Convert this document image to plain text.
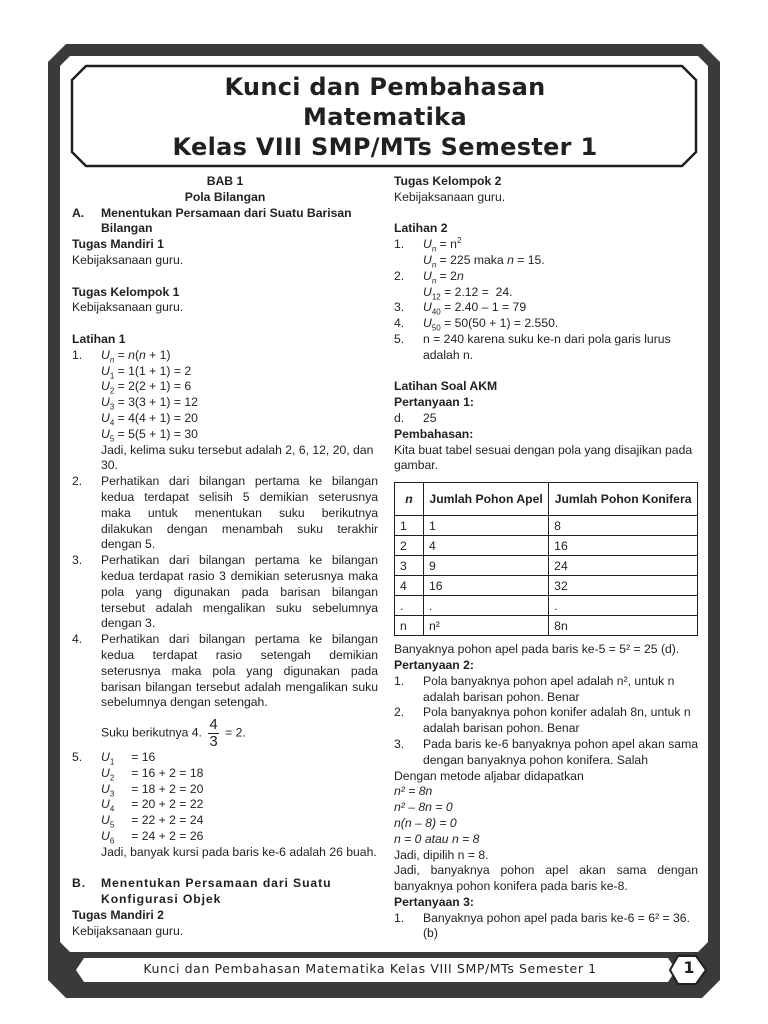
Kunci dan Pembahasan
Matematika
Kelas VIII SMP/MTs Semester 1
BAB 1
Pola Bilangan
A. Menentukan Persamaan dari Suatu Barisan Bilangan
Tugas Mandiri 1
Kebijaksanaan guru.
Tugas Kelompok 1
Kebijaksanaan guru.
Latihan 1
1. $U_n = n(n + 1)$
$U_1 = 1(1 + 1) = 2$
$U_2 = 2(2 + 1) = 6$
$U_3 = 3(3 + 1) = 12$
$U_4 = 4(4 + 1) = 20$
$U_5 = 5(5 + 1) = 30$
Jadi, kelima suku tersebut adalah 2, 6, 12, 20, dan 30.
2. Perhatikan dari bilangan pertama ke bilangan kedua terdapat selisih 5 demikian seterusnya maka untuk menentukan suku berikutnya dilakukan dengan menambah suku terakhir dengan 5.
3. Perhatikan dari bilangan pertama ke bilangan kedua terdapat rasio 3 demikian seterusnya maka pola yang digunakan pada barisan bilangan tersebut adalah mengalikan suku sebelumnya dengan 3.
4. Perhatikan dari bilangan pertama ke bilangan kedua terdapat rasio setengah demikian seterusnya maka pola yang digunakan pada barisan bilangan tersebut adalah mengalikan suku sebelumnya dengan setengah.
Suku berikutnya 4. $\frac{4}{3} = 2$.
5. $U_1$     = 16
$U_2$     = 16 + 2 = 18
$U_3$     = 18 + 2 = 20
$U_4$     = 20 + 2 = 22
$U_5$     = 22 + 2 = 24
$U_6$     = 24 + 2 = 26
Jadi, banyak kursi pada baris ke-6 adalah 26 buah.
B. Menentukan Persamaan dari Suatu Konfigurasi Objek
Tugas Mandiri 2
Kebijaksanaan guru.
Tugas Kelompok 2
Kebijaksanaan guru.
Latihan 2
1. $U_n = n^2$
$U_n = 225$ maka n = 15.
2. $U_n = 2n$
$U_{12} = 2.12 = 24$.
3. $U_{40} = 2.40 - 1 = 79$
4. $U_{50} = 50(50 + 1) = 2.550$.
5. n = 240 karena suku ke-n dari pola garis lurus adalah n.
Latihan Soal AKM
Pertanyaan 1:
d. 25
Pembahasan:
Kita buat tabel sesuai dengan pola yang disajikan pada gambar.
n	Jumlah Pohon Apel	Jumlah Pohon Konifera
1	1	8
2	4	16
3	9	24
4	16	32
.	.	.
n	n²	8n
Banyaknya pohon apel pada baris ke-5 = 5² = 25 (d).
Pertanyaan 2:
1. Pola banyaknya pohon apel adalah n², untuk n adalah barisan pohon. Benar
2. Pola banyaknya pohon konifer adalah 8n, untuk n adalah barisan pohon. Benar
3. Pada baris ke-6 banyaknya pohon apel akan sama dengan banyaknya pohon konifera. Salah
Dengan metode aljabar didapatkan
n² = 8n
n² – 8n = 0
n(n – 8) = 0
n = 0 atau n = 8
Jadi, dipilih n = 8.
Jadi, banyaknya pohon apel akan sama dengan banyaknya pohon konifera pada baris ke-8.
Pertanyaan 3:
1. Banyaknya pohon apel pada baris ke-6 = 6² = 36. (b)
Kunci dan Pembahasan Matematika Kelas VIII SMP/MTs Semester 1	1
